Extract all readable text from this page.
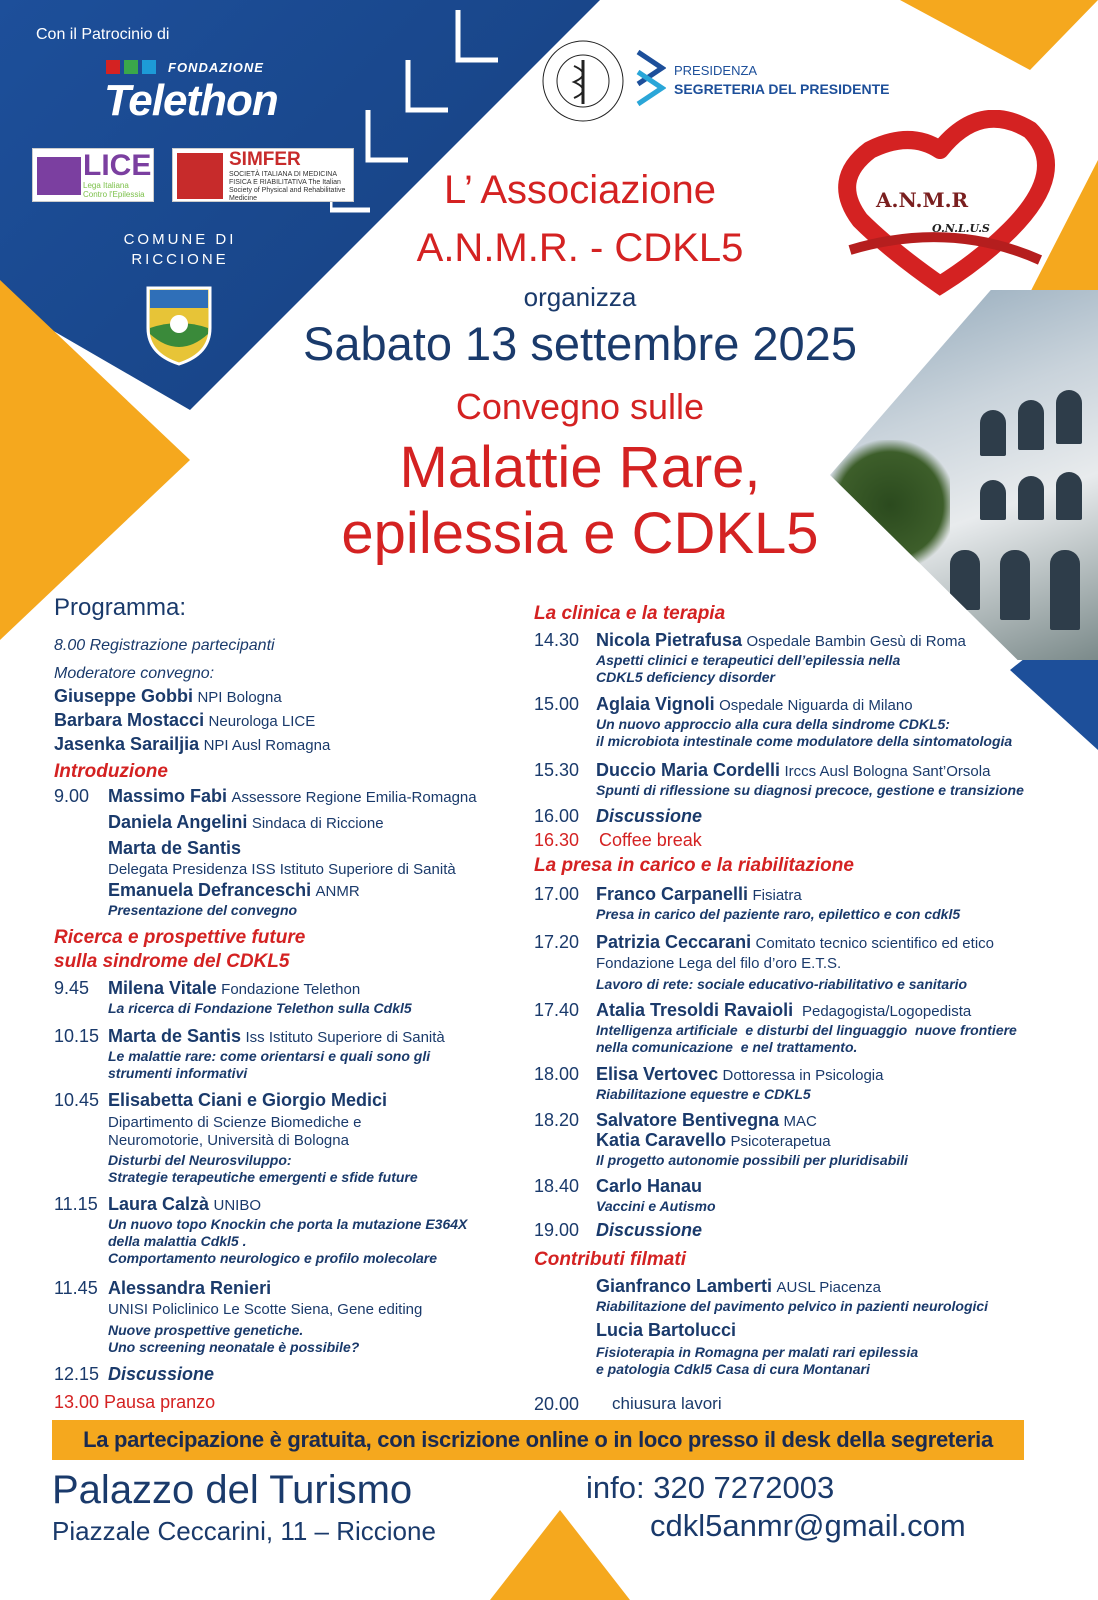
Con il Patrocinio di
FONDAZIONE
Telethon
LICE
Lega Italiana
Contro l'Epilessia
SIMFER
SOCIETÀ ITALIANA DI MEDICINA FISICA E RIABILITATIVA The Italian Society of Physical and Rehabilitative Medicine
COMUNE DI
RICCIONE
PRESIDENZA
SEGRETERIA DEL PRESIDENTE
A.N.M.R
O.N.L.U.S
L’ Associazione
A.N.M.R. - CDKL5
organizza
Sabato 13 settembre 2025
Convegno sulle
Malattie Rare,
epilessia e CDKL5
Programma:
8.00 Registrazione partecipanti
Moderatore convegno:
Giuseppe Gobbi NPI Bologna
Barbara Mostacci Neurologa LICE
Jasenka Sarailjia NPI Ausl Romagna
Introduzione
9.00 Massimo Fabi Assessore Regione Emilia-Romagna
Daniela Angelini Sindaca di Riccione
Marta de Santis
Delegata Presidenza ISS Istituto Superiore di Sanità
Emanuela Defranceschi ANMR
Presentazione del convegno
Ricerca e prospettive future
sulla sindrome del CDKL5
9.45 Milena Vitale Fondazione Telethon
La ricerca di Fondazione Telethon sulla Cdkl5
10.15 Marta de Santis Iss Istituto Superiore di Sanità
Le malattie rare: come orientarsi e quali sono gli
strumenti informativi
10.45 Elisabetta Ciani e Giorgio Medici
Dipartimento di Scienze Biomediche e
Neuromotorie, Università di Bologna
Disturbi del Neurosviluppo:
Strategie terapeutiche emergenti e sfide future
11.15 Laura Calzà UNIBO
Un nuovo topo Knockin che porta la mutazione E364X
della malattia Cdkl5 .
Comportamento neurologico e profilo molecolare
11.45 Alessandra Renieri
UNISI Policlinico Le Scotte Siena, Gene editing
Nuove prospettive genetiche.
Uno screening neonatale è possibile?
12.15 Discussione
13.00 Pausa pranzo
La clinica e la terapia
14.30 Nicola Pietrafusa Ospedale Bambin Gesù di Roma
Aspetti clinici e terapeutici dell’epilessia nella
CDKL5 deficiency disorder
15.00 Aglaia Vignoli Ospedale Niguarda di Milano
Un nuovo approccio alla cura della sindrome CDKL5:
il microbiota intestinale come modulatore della sintomatologia
15.30 Duccio Maria Cordelli Irccs Ausl Bologna Sant’Orsola
Spunti di riflessione su diagnosi precoce, gestione e transizione
16.00 Discussione
16.30    Coffee break
La presa in carico e la riabilitazione
17.00 Franco Carpanelli Fisiatra
Presa in carico del paziente raro, epilettico e con cdkl5
17.20 Patrizia Ceccarani Comitato tecnico scientifico ed etico
Fondazione Lega del filo d’oro E.T.S.
Lavoro di rete: sociale educativo-riabilitativo e sanitario
17.40 Atalia Tresoldi Ravaioli Pedagogista/Logopedista
Intelligenza artificiale  e disturbi del linguaggio  nuove frontiere
nella comunicazione  e nel trattamento.
18.00 Elisa Vertovec Dottoressa in Psicologia
Riabilitazione equestre e CDKL5
18.20 Salvatore Bentivegna MAC
Katia Caravello Psicoterapetua
Il progetto autonomie possibili per pluridisabili
18.40 Carlo Hanau
Vaccini e Autismo
19.00 Discussione
Contributi filmati
Gianfranco Lamberti AUSL Piacenza
Riabilitazione del pavimento pelvico in pazienti neurologici
Lucia Bartolucci
Fisioterapia in Romagna per malati rari epilessia
e patologia Cdkl5 Casa di cura Montanari
20.00 chiusura lavori
La partecipazione è gratuita, con iscrizione online o in loco presso il desk della segreteria
Palazzo del Turismo
Piazzale Ceccarini, 11 – Riccione
info: 320 7272003
cdkl5anmr@gmail.com
